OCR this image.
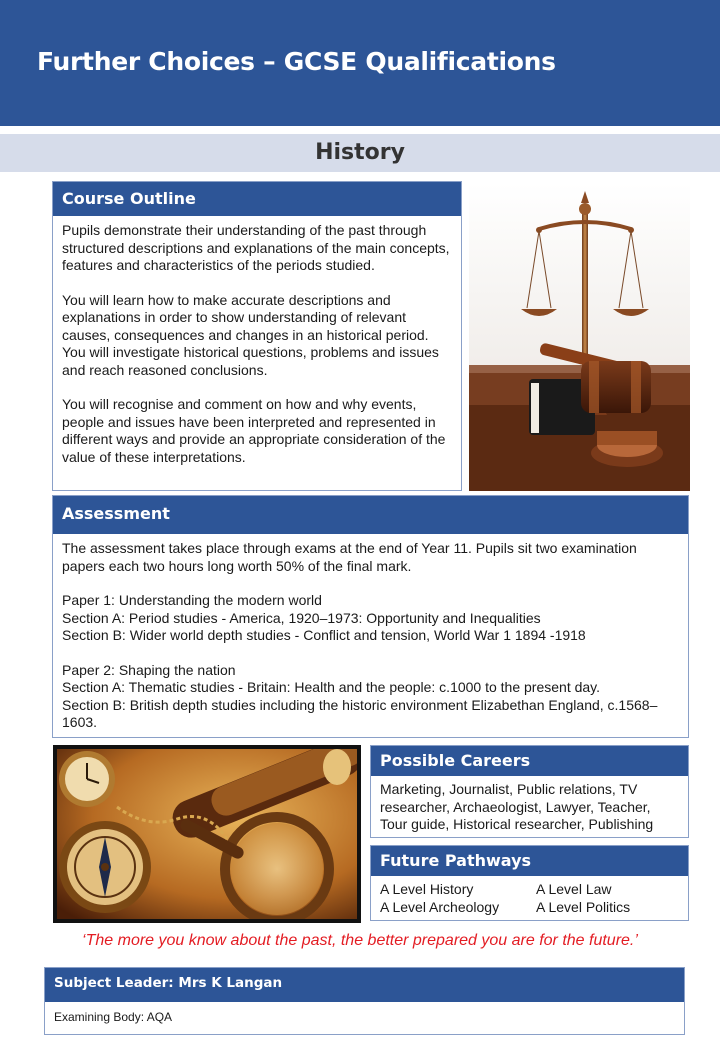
Further Choices – GCSE Qualifications
History
Course Outline

Pupils demonstrate their understanding of the past through structured descriptions and explanations of the main concepts, features and characteristics of the periods studied.

You will learn how to make accurate descriptions and explanations in order to show understanding of relevant causes, consequences and changes in an historical period. You will investigate historical questions, problems and issues and reach reasoned conclusions.

You will recognise and comment on how and why events, people and issues have been interpreted and represented in different ways and provide an appropriate consideration of the value of these interpretations.

Assessment
The assessment takes place through exams at the end of Year 11. Pupils sit two examination papers each two hours long worth 50% of the final mark.
Paper 1: Understanding the modern world
Section A: Period studies - America, 1920–1973: Opportunity and Inequalities
Section B: Wider world depth studies - Conflict and tension, World War 1 1894 -1918
Paper 2: Shaping the nation
Section A: Thematic studies - Britain: Health and the people: c.1000 to the present day.
Section B: British depth studies including the historic environment Elizabethan England, c.1568–1603.
Possible Careers
Marketing, Journalist, Public relations, TV researcher, Archaeologist, Lawyer, Teacher, Tour guide, Historical researcher, Publishing
Future Pathways
A Level History	A Level Law
A Level Archeology	A Level Politics
‘The more you know about the past, the better prepared you are for the future.’
Subject Leader: Mrs K Langan
Examining Body: AQA
